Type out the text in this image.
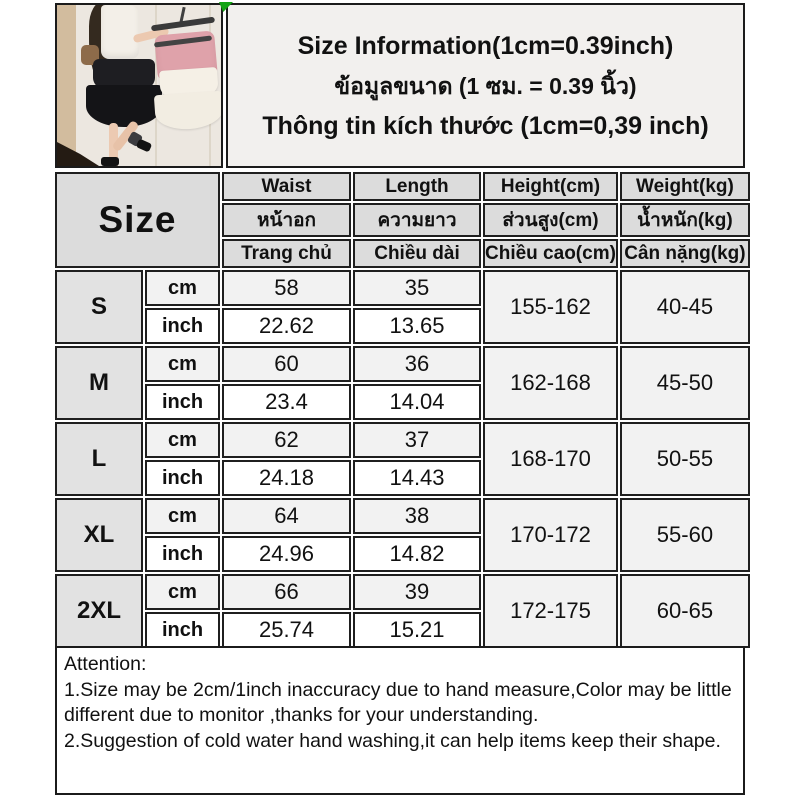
Size Information(1cm=0.39inch)
ข้อมูลขนาด (1 ซม. = 0.39 นิ้ว)
Thông tin kích thước (1cm=0,39 inch)
Size		Waist	Length	Height(cm)	Weight(kg)
		หน้าอก	ความยาว	ส่วนสูง(cm)	น้ำหนัก(kg)
		Trang chủ	Chiều dài	Chiều cao(cm)	Cân nặng(kg)
S	cm	58	35	155-162	40-45
	inch	22.62	13.65		
M	cm	60	36	162-168	45-50
	inch	23.4	14.04		
L	cm	62	37	168-170	50-55
	inch	24.18	14.43		
XL	cm	64	38	170-172	55-60
	inch	24.96	14.82		
2XL	cm	66	39	172-175	60-65
	inch	25.74	15.21		
Attention:
1.Size may be 2cm/1inch inaccuracy due to hand measure,Color may be little different due to monitor ,thanks for your understanding.
2.Suggestion of cold water hand washing,it can help items keep their shape.
